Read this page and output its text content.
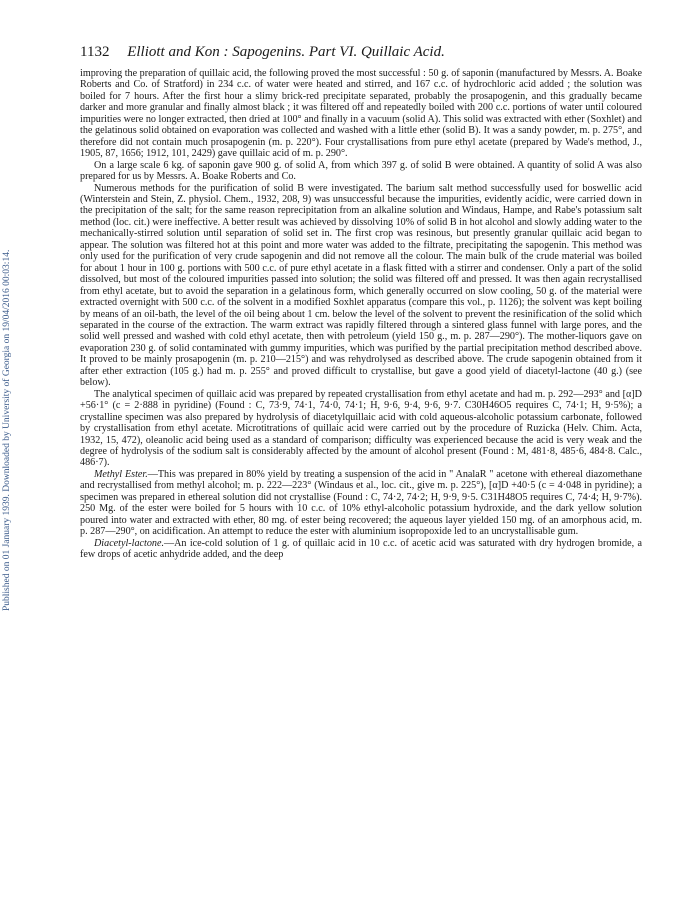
Published on 01 January 1939. Downloaded by University of Georgia on 19/04/2016 00:03:14.
1132 Elliott and Kon : Sapogenins. Part VI. Quillaic Acid.

improving the preparation of quillaic acid, the following proved the most successful : 50 g. of saponin (manufactured by Messrs. A. Boake Roberts and Co. of Stratford) in 234 c.c. of water were heated and stirred, and 167 c.c. of hydrochloric acid added ; the solution was boiled for 7 hours. After the first hour a slimy brick-red precipitate separated, probably the prosapogenin, and this gradually became darker and more granular and finally almost black ; it was filtered off and repeatedly boiled with 200 c.c. portions of water until coloured impurities were no longer extracted, then dried at 100° and finally in a vacuum (solid A). This solid was extracted with ether (Soxhlet) and the gelatinous solid obtained on evaporation was collected and washed with a little ether (solid B). It was a sandy powder, m. p. 275°, and therefore did not contain much prosapogenin (m. p. 220°). Four crystallisations from pure ethyl acetate (prepared by Wade's method, J., 1905, 87, 1656; 1912, 101, 2429) gave quillaic acid of m. p. 290°.

On a large scale 6 kg. of saponin gave 900 g. of solid A, from which 397 g. of solid B were obtained. A quantity of solid A was also prepared for us by Messrs. A. Boake Roberts and Co.

Numerous methods for the purification of solid B were investigated. The barium salt method successfully used for boswellic acid (Winterstein and Stein, Z. physiol. Chem., 1932, 208, 9) was unsuccessful because the impurities, evidently acidic, were carried down in the precipitation of the salt; for the same reason reprecipitation from an alkaline solution and Windaus, Hampe, and Rabe's potassium salt method (loc. cit.) were ineffective. A better result was achieved by dissolving 10% of solid B in hot alcohol and slowly adding water to the mechanically-stirred solution until separation of solid set in. The first crop was resinous, but presently granular quillaic acid began to appear. The solution was filtered hot at this point and more water was added to the filtrate, precipitating the sapogenin. This method was only used for the purification of very crude sapogenin and did not remove all the colour. The main bulk of the crude material was boiled for about 1 hour in 100 g. portions with 500 c.c. of pure ethyl acetate in a flask fitted with a stirrer and condenser. Only a part of the solid dissolved, but most of the coloured impurities passed into solution; the solid was filtered off and pressed. It was then again recrystallised from ethyl acetate, but to avoid the separation in a gelatinous form, which generally occurred on slow cooling, 50 g. of the material were extracted overnight with 500 c.c. of the solvent in a modified Soxhlet apparatus (compare this vol., p. 1126); the solvent was kept boiling by means of an oil-bath, the level of the oil being about 1 cm. below the level of the solvent to prevent the resinification of the solid which separated in the course of the extraction. The warm extract was rapidly filtered through a sintered glass funnel with large pores, and the solid well pressed and washed with cold ethyl acetate, then with petroleum (yield 150 g., m. p. 287—290°). The mother-liquors gave on evaporation 230 g. of solid contaminated with gummy impurities, which was purified by the partial precipitation method described above. It proved to be mainly prosapogenin (m. p. 210—215°) and was rehydrolysed as described above. The crude sapogenin obtained from it after ether extraction (105 g.) had m. p. 255° and proved difficult to crystallise, but gave a good yield of diacetyl-lactone (40 g.) (see below).

The analytical specimen of quillaic acid was prepared by repeated crystallisation from ethyl acetate and had m. p. 292—293° and [α]D +56·1° (c = 2·888 in pyridine) (Found : C, 73·9, 74·1, 74·0, 74·1; H, 9·6, 9·4, 9·6, 9·7. C30H46O5 requires C, 74·1; H, 9·5%); a crystalline specimen was also prepared by hydrolysis of diacetylquillaic acid with cold aqueous-alcoholic potassium carbonate, followed by crystallisation from ethyl acetate. Microtitrations of quillaic acid were carried out by the procedure of Ruzicka (Helv. Chim. Acta, 1932, 15, 472), oleanolic acid being used as a standard of comparison; difficulty was experienced because the acid is very weak and the degree of hydrolysis of the sodium salt is considerably affected by the amount of alcohol present (Found : M, 481·8, 485·6, 484·8. Calc., 486·7).

Methyl Ester.—This was prepared in 80% yield by treating a suspension of the acid in " AnalaR " acetone with ethereal diazomethane and recrystallised from methyl alcohol; m. p. 222—223° (Windaus et al., loc. cit., give m. p. 225°), [α]D +40·5 (c = 4·048 in pyridine); a specimen was prepared in ethereal solution did not crystallise (Found : C, 74·2, 74·2; H, 9·9, 9·5. C31H48O5 requires C, 74·4; H, 9·7%). 250 Mg. of the ester were boiled for 5 hours with 10 c.c. of 10% ethyl-alcoholic potassium hydroxide, and the dark yellow solution poured into water and extracted with ether, 80 mg. of ester being recovered; the aqueous layer yielded 150 mg. of an amorphous acid, m. p. 287—290°, on acidification. An attempt to reduce the ester with aluminium isopropoxide led to an uncrystallisable gum.

Diacetyl-lactone.—An ice-cold solution of 1 g. of quillaic acid in 10 c.c. of acetic acid was saturated with dry hydrogen bromide, a few drops of acetic anhydride added, and the deep
